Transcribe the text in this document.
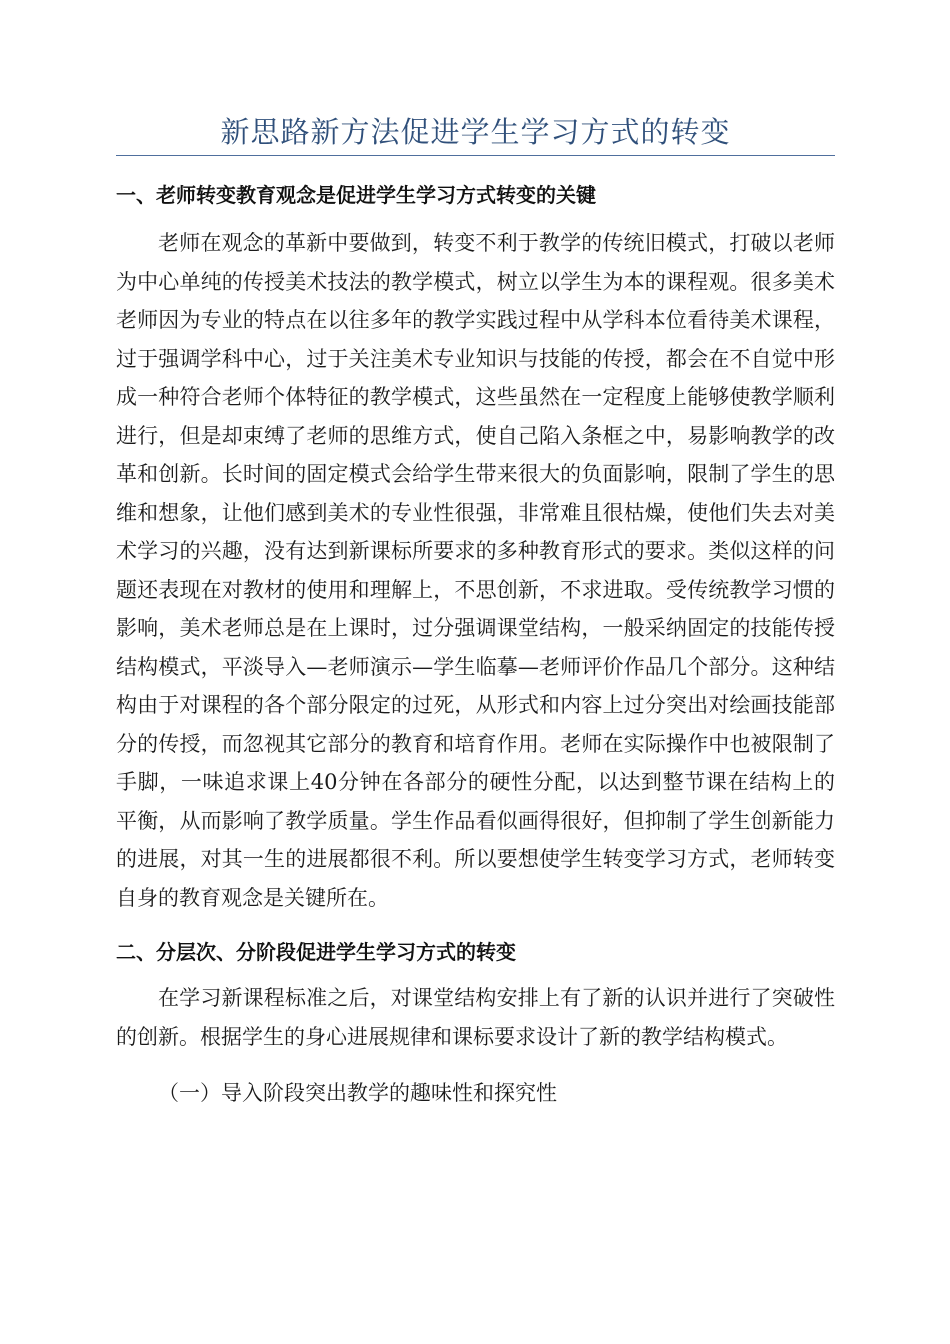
新思路新方法促进学生学习方式的转变
一、老师转变教育观念是促进学生学习方式转变的关键

老师在观念的革新中要做到，转变不利于教学的传统旧模式，打破以老师为中心单纯的传授美术技法的教学模式，树立以学生为本的课程观。很多美术老师因为专业的特点在以往多年的教学实践过程中从学科本位看待美术课程，过于强调学科中心，过于关注美术专业知识与技能的传授，都会在不自觉中形成一种符合老师个体特征的教学模式，这些虽然在一定程度上能够使教学顺利进行，但是却束缚了老师的思维方式，使自己陷入条框之中，易影响教学的改革和创新。长时间的固定模式会给学生带来很大的负面影响，限制了学生的思维和想象，让他们感到美术的专业性很强，非常难且很枯燥，使他们失去对美术学习的兴趣，没有达到新课标所要求的多种教育形式的要求。类似这样的问题还表现在对教材的使用和理解上，不思创新，不求进取。受传统教学习惯的影响，美术老师总是在上课时，过分强调课堂结构，一般采纳固定的技能传授结构模式，平淡导入—老师演示—学生临摹—老师评价作品几个部分。这种结构由于对课程的各个部分限定的过死，从形式和内容上过分突出对绘画技能部分的传授，而忽视其它部分的教育和培育作用。老师在实际操作中也被限制了手脚，一味追求课上40分钟在各部分的硬性分配，以达到整节课在结构上的平衡，从而影响了教学质量。学生作品看似画得很好，但抑制了学生创新能力的进展，对其一生的进展都很不利。所以要想使学生转变学习方式，老师转变自身的教育观念是关键所在。

二、分层次、分阶段促进学生学习方式的转变

在学习新课程标准之后，对课堂结构安排上有了新的认识并进行了突破性的创新。根据学生的身心进展规律和课标要求设计了新的教学结构模式。

（一）导入阶段突出教学的趣味性和探究性
